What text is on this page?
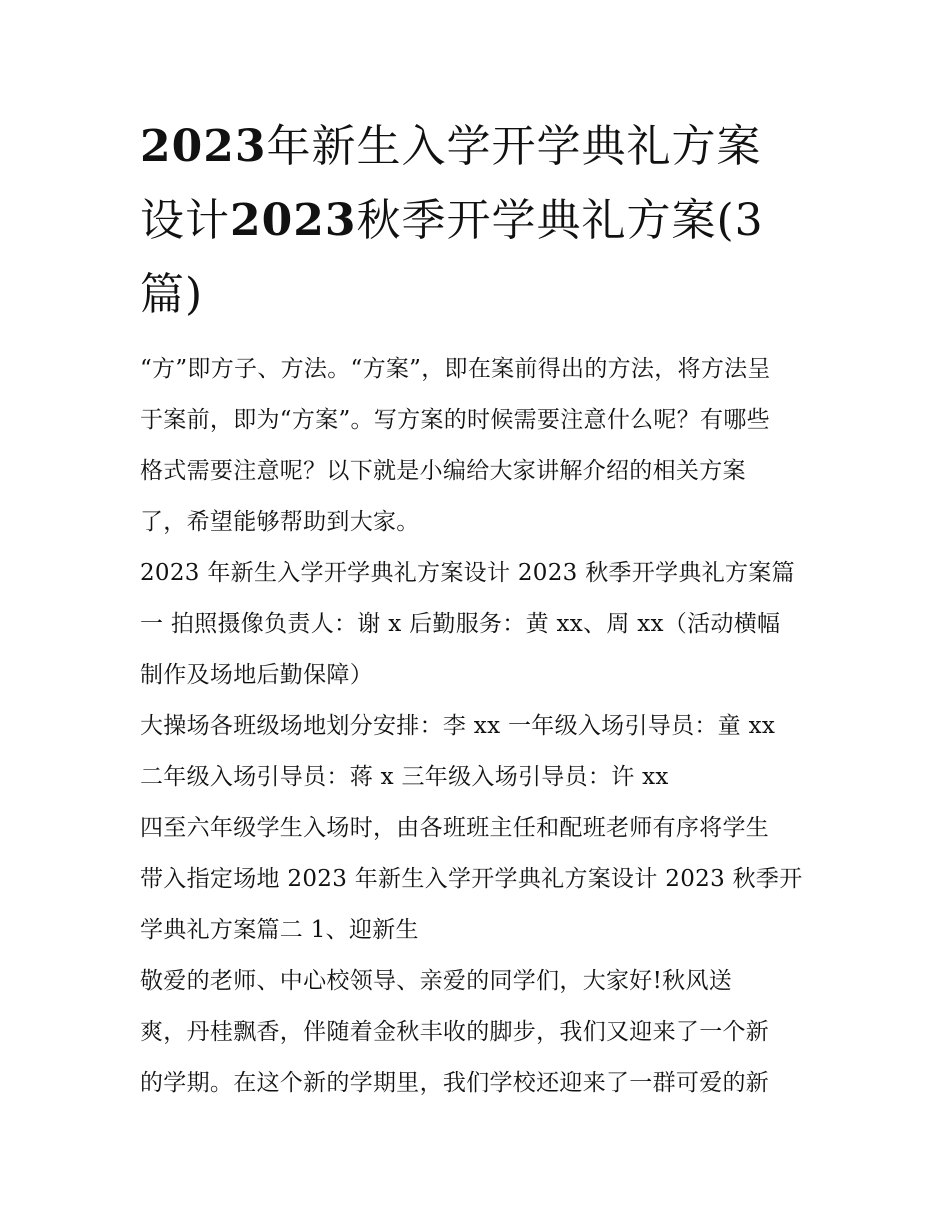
2023年新生入学开学典礼方案
设计2023秋季开学典礼方案(3
篇)

“方”即方子、方法。“方案”，即在案前得出的方法，将方法呈
于案前，即为“方案”。写方案的时候需要注意什么呢？有哪些
格式需要注意呢？以下就是小编给大家讲解介绍的相关方案
了，希望能够帮助到大家。

2023 年新生入学开学典礼方案设计 2023 秋季开学典礼方案篇
一 拍照摄像负责人：谢 x 后勤服务：黄 xx、周 xx（活动横幅
制作及场地后勤保障）

大操场各班级场地划分安排：李 xx 一年级入场引导员：童 xx
二年级入场引导员：蒋 x 三年级入场引导员：许 xx

四至六年级学生入场时，由各班班主任和配班老师有序将学生
带入指定场地 2023 年新生入学开学典礼方案设计 2023 秋季开
学典礼方案篇二 1、迎新生

敬爱的老师、中心校领导、亲爱的同学们，大家好!秋风送
爽，丹桂飘香，伴随着金秋丰收的脚步，我们又迎来了一个新
的学期。在这个新的学期里，我们学校还迎来了一群可爱的新
